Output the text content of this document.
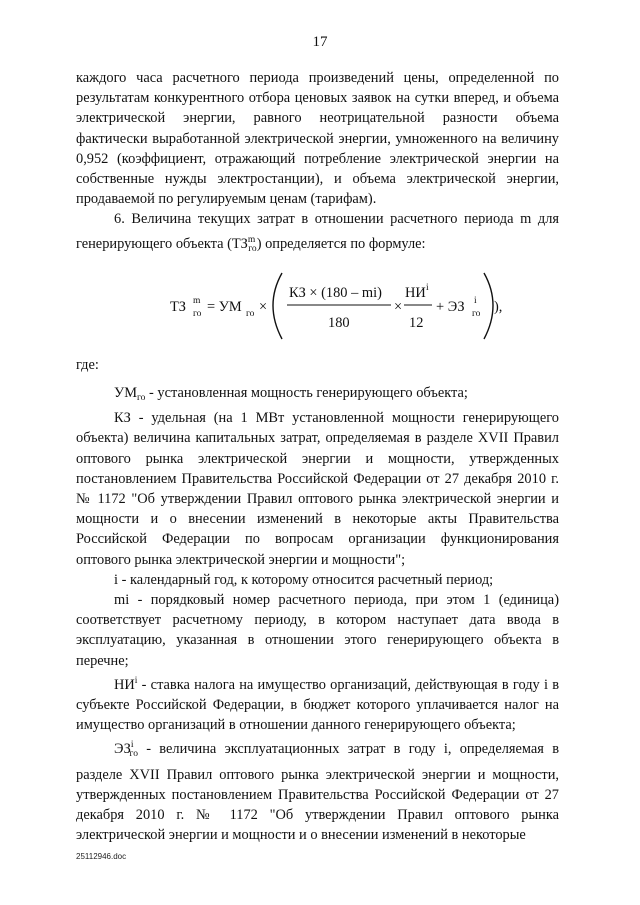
17

каждого часа расчетного периода произведений цены, определенной по результатам конкурентного отбора ценовых заявок на сутки вперед, и объема электрической энергии, равного неотрицательной разности объема фактически выработанной электрической энергии, умноженного на величину 0,952 (коэффициент, отражающий потребление электрической энергии на собственные нужды электростанции), и объема электрической энергии, продаваемой по регулируемым ценам (тарифам).

6. Величина текущих затрат в отношении расчетного периода m для генерирующего объекта $(ТЗ^m_{го})$ определяется по формуле:

ТЗ m
го = УМ го ×
КЗ × (180 – mi)
180
×
НИ i
12
+ ЭЗ i
го ),

где:

$УМ_{го}$ - установленная мощность генерирующего объекта;

КЗ - удельная (на 1 МВт установленной мощности генерирующего объекта) величина капитальных затрат, определяемая в разделе XVII Правил оптового рынка электрической энергии и мощности, утвержденных постановлением Правительства Российской Федерации от 27 декабря 2010 г. № 1172 "Об утверждении Правил оптового рынка электрической энергии и мощности и о внесении изменений в некоторые акты Правительства Российской Федерации по вопросам организации функционирования оптового рынка электрической энергии и мощности";

i - календарный год, к которому относится расчетный период;

mi - порядковый номер расчетного периода, при этом 1 (единица) соответствует расчетному периоду, в котором наступает дата ввода в эксплуатацию, указанная в отношении этого генерирующего объекта в перечне;

$НИ^i$ - ставка налога на имущество организаций, действующая в году i в субъекте Российской Федерации, в бюджет которого уплачивается налог на имущество организаций в отношении данного генерирующего объекта;

$ЭЗ^i_{го}$ - величина эксплуатационных затрат в году i, определяемая в разделе XVII Правил оптового рынка электрической энергии и мощности, утвержденных постановлением Правительства Российской Федерации от 27 декабря 2010 г. № 1172 "Об утверждении Правил оптового рынка электрической энергии и мощности и о внесении изменений в некоторые

25112946.doc
